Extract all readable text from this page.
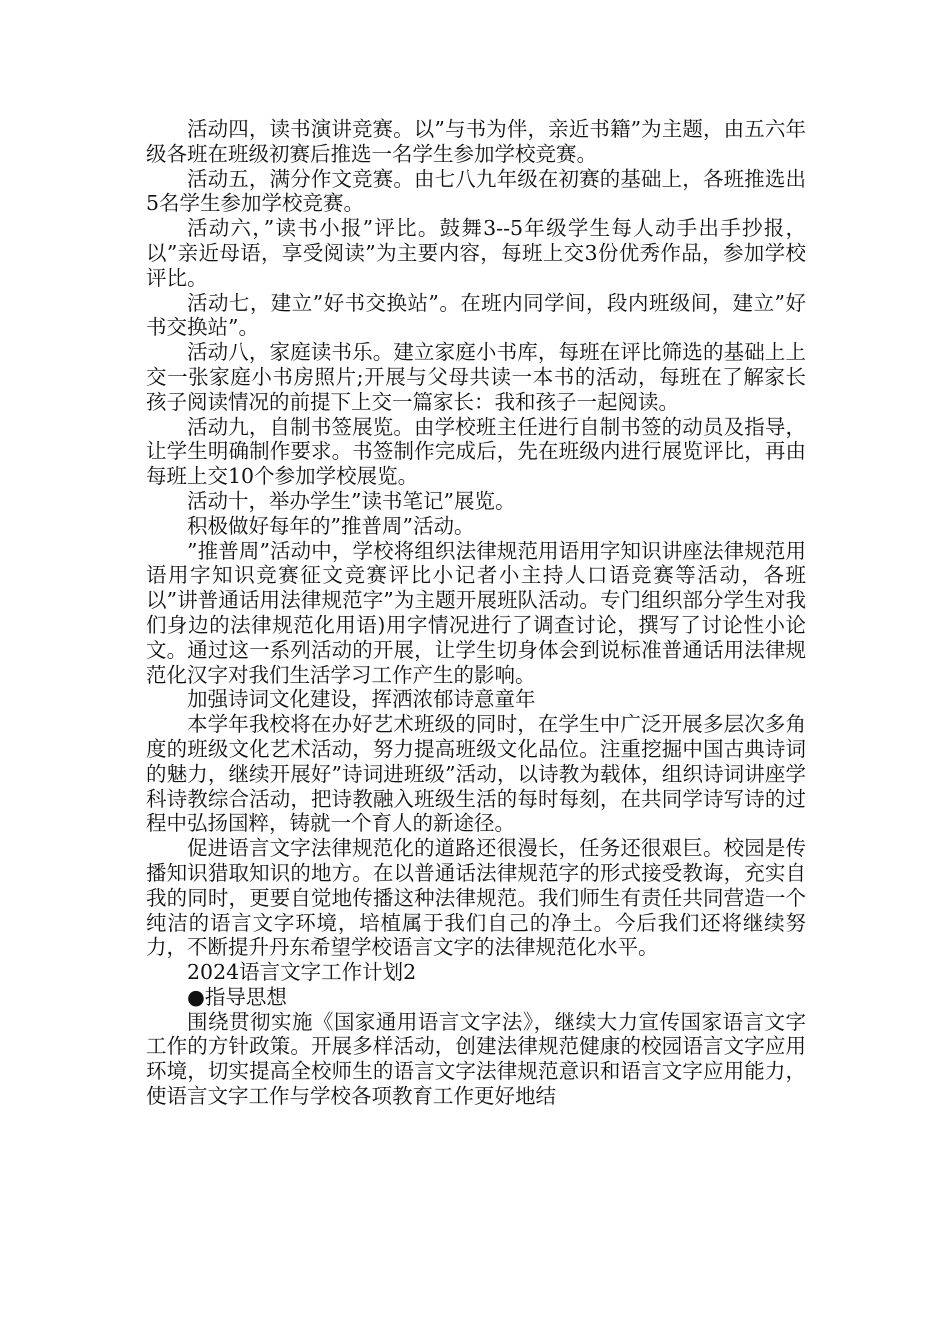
活动四，读书演讲竞赛。以”与书为伴，亲近书籍”为主题，由五六年级各班在班级初赛后推选一名学生参加学校竞赛。

活动五，满分作文竞赛。由七八九年级在初赛的基础上，各班推选出5名学生参加学校竞赛。

活动六，”读书小报”评比。鼓舞3--5年级学生每人动手出手抄报，以”亲近母语，享受阅读”为主要内容，每班上交3份优秀作品，参加学校评比。

活动七，建立”好书交换站”。在班内同学间，段内班级间，建立”好书交换站”。

活动八，家庭读书乐。建立家庭小书库，每班在评比筛选的基础上上交一张家庭小书房照片;开展与父母共读一本书的活动，每班在了解家长孩子阅读情况的前提下上交一篇家长：我和孩子一起阅读。

活动九，自制书签展览。由学校班主任进行自制书签的动员及指导，让学生明确制作要求。书签制作完成后，先在班级内进行展览评比，再由每班上交10个参加学校展览。

活动十，举办学生”读书笔记”展览。

积极做好每年的”推普周”活动。

”推普周”活动中，学校将组织法律规范用语用字知识讲座法律规范用语用字知识竞赛征文竞赛评比小记者小主持人口语竞赛等活动，各班以”讲普通话用法律规范字”为主题开展班队活动。专门组织部分学生对我们身边的法律规范化用语)用字情况进行了调查讨论，撰写了讨论性小论文。通过这一系列活动的开展，让学生切身体会到说标准普通话用法律规范化汉字对我们生活学习工作产生的影响。

加强诗词文化建设，挥洒浓郁诗意童年

本学年我校将在办好艺术班级的同时，在学生中广泛开展多层次多角度的班级文化艺术活动，努力提高班级文化品位。注重挖掘中国古典诗词的魅力，继续开展好”诗词进班级”活动，以诗教为载体，组织诗词讲座学科诗教综合活动，把诗教融入班级生活的每时每刻，在共同学诗写诗的过程中弘扬国粹，铸就一个育人的新途径。

促进语言文字法律规范化的道路还很漫长，任务还很艰巨。校园是传播知识猎取知识的地方。在以普通话法律规范字的形式接受教诲，充实自我的同时，更要自觉地传播这种法律规范。我们师生有责任共同营造一个纯洁的语言文字环境，培植属于我们自己的净土。今后我们还将继续努力，不断提升丹东希望学校语言文字的法律规范化水平。

2024语言文字工作计划2

●指导思想

围绕贯彻实施《国家通用语言文字法》，继续大力宣传国家语言文字工作的方针政策。开展多样活动，创建法律规范健康的校园语言文字应用环境，切实提高全校师生的语言文字法律规范意识和语言文字应用能力，使语言文字工作与学校各项教育工作更好地结
